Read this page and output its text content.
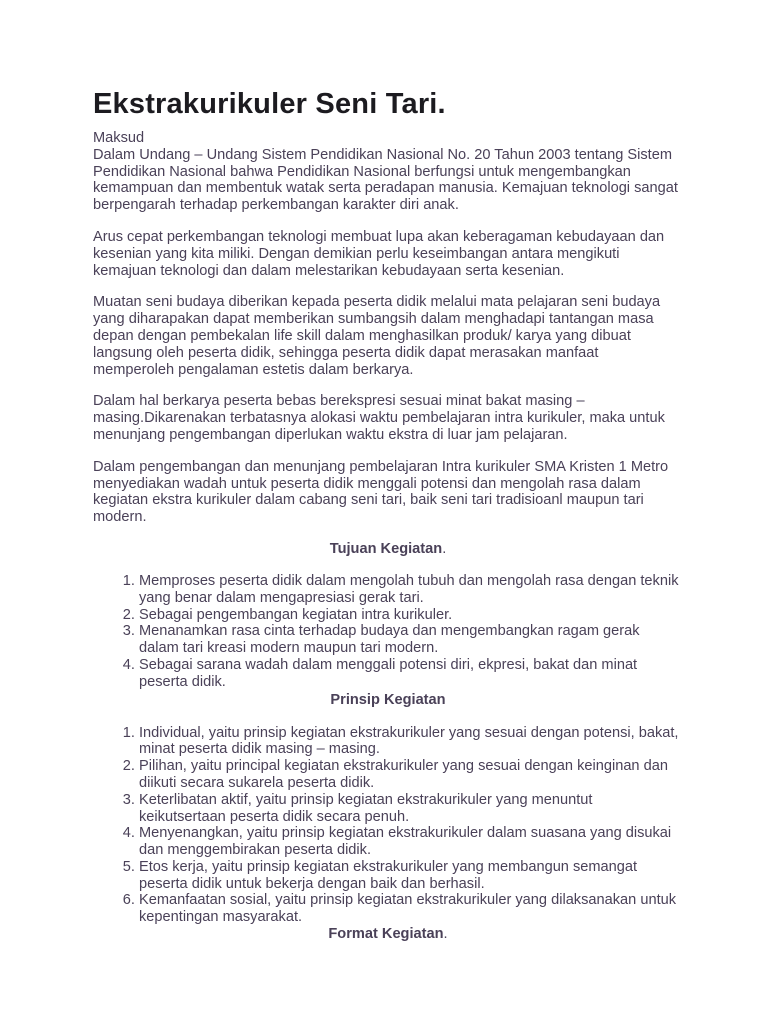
Ekstrakurikuler Seni Tari.
Maksud
Dalam Undang – Undang Sistem Pendidikan Nasional No. 20 Tahun 2003 tentang Sistem Pendidikan Nasional bahwa Pendidikan Nasional berfungsi untuk mengembangkan kemampuan dan membentuk watak serta peradapan manusia. Kemajuan teknologi sangat berpengarah terhadap perkembangan karakter diri anak.

Arus cepat perkembangan teknologi membuat lupa akan keberagaman kebudayaan dan kesenian yang kita miliki. Dengan demikian perlu keseimbangan antara mengikuti kemajuan teknologi dan dalam melestarikan kebudayaan serta kesenian.

Muatan seni budaya diberikan kepada peserta didik melalui mata pelajaran seni budaya yang diharapakan dapat memberikan sumbangsih dalam menghadapi tantangan masa depan dengan pembekalan life skill dalam menghasilkan produk/ karya yang dibuat langsung oleh peserta didik, sehingga peserta didik dapat merasakan manfaat memperoleh pengalaman estetis dalam berkarya.

Dalam hal berkarya peserta bebas berekspresi sesuai minat bakat masing – masing.Dikarenakan terbatasnya alokasi waktu pembelajaran intra kurikuler, maka untuk menunjang pengembangan diperlukan waktu ekstra di luar jam pelajaran.

Dalam pengembangan dan menunjang pembelajaran Intra kurikuler SMA Kristen 1 Metro menyediakan wadah untuk peserta didik menggali potensi dan mengolah rasa dalam kegiatan ekstra kurikuler dalam cabang seni tari, baik seni tari tradisioanl maupun tari modern.

Tujuan Kegiatan.
1. Memproses peserta didik dalam mengolah tubuh dan mengolah rasa dengan teknik yang benar dalam mengapresiasi gerak tari.
2. Sebagai pengembangan kegiatan intra kurikuler.
3. Menanamkan rasa cinta terhadap budaya dan mengembangkan ragam gerak dalam tari kreasi modern maupun tari modern.
4. Sebagai sarana wadah dalam menggali potensi diri, ekpresi, bakat dan minat peserta didik.
Prinsip Kegiatan
1. Individual, yaitu prinsip kegiatan ekstrakurikuler yang sesuai dengan potensi, bakat, minat peserta didik masing – masing.
2. Pilihan, yaitu principal kegiatan ekstrakurikuler yang sesuai dengan keinginan dan diikuti secara sukarela peserta didik.
3. Keterlibatan aktif, yaitu prinsip kegiatan ekstrakurikuler yang menuntut keikutsertaan peserta didik secara penuh.
4. Menyenangkan, yaitu prinsip kegiatan ekstrakurikuler dalam suasana yang disukai dan menggembirakan peserta didik.
5. Etos kerja, yaitu prinsip kegiatan ekstrakurikuler yang membangun semangat peserta didik untuk bekerja dengan baik dan berhasil.
6. Kemanfaatan sosial, yaitu prinsip kegiatan ekstrakurikuler yang dilaksanakan untuk kepentingan masyarakat.
Format Kegiatan.
